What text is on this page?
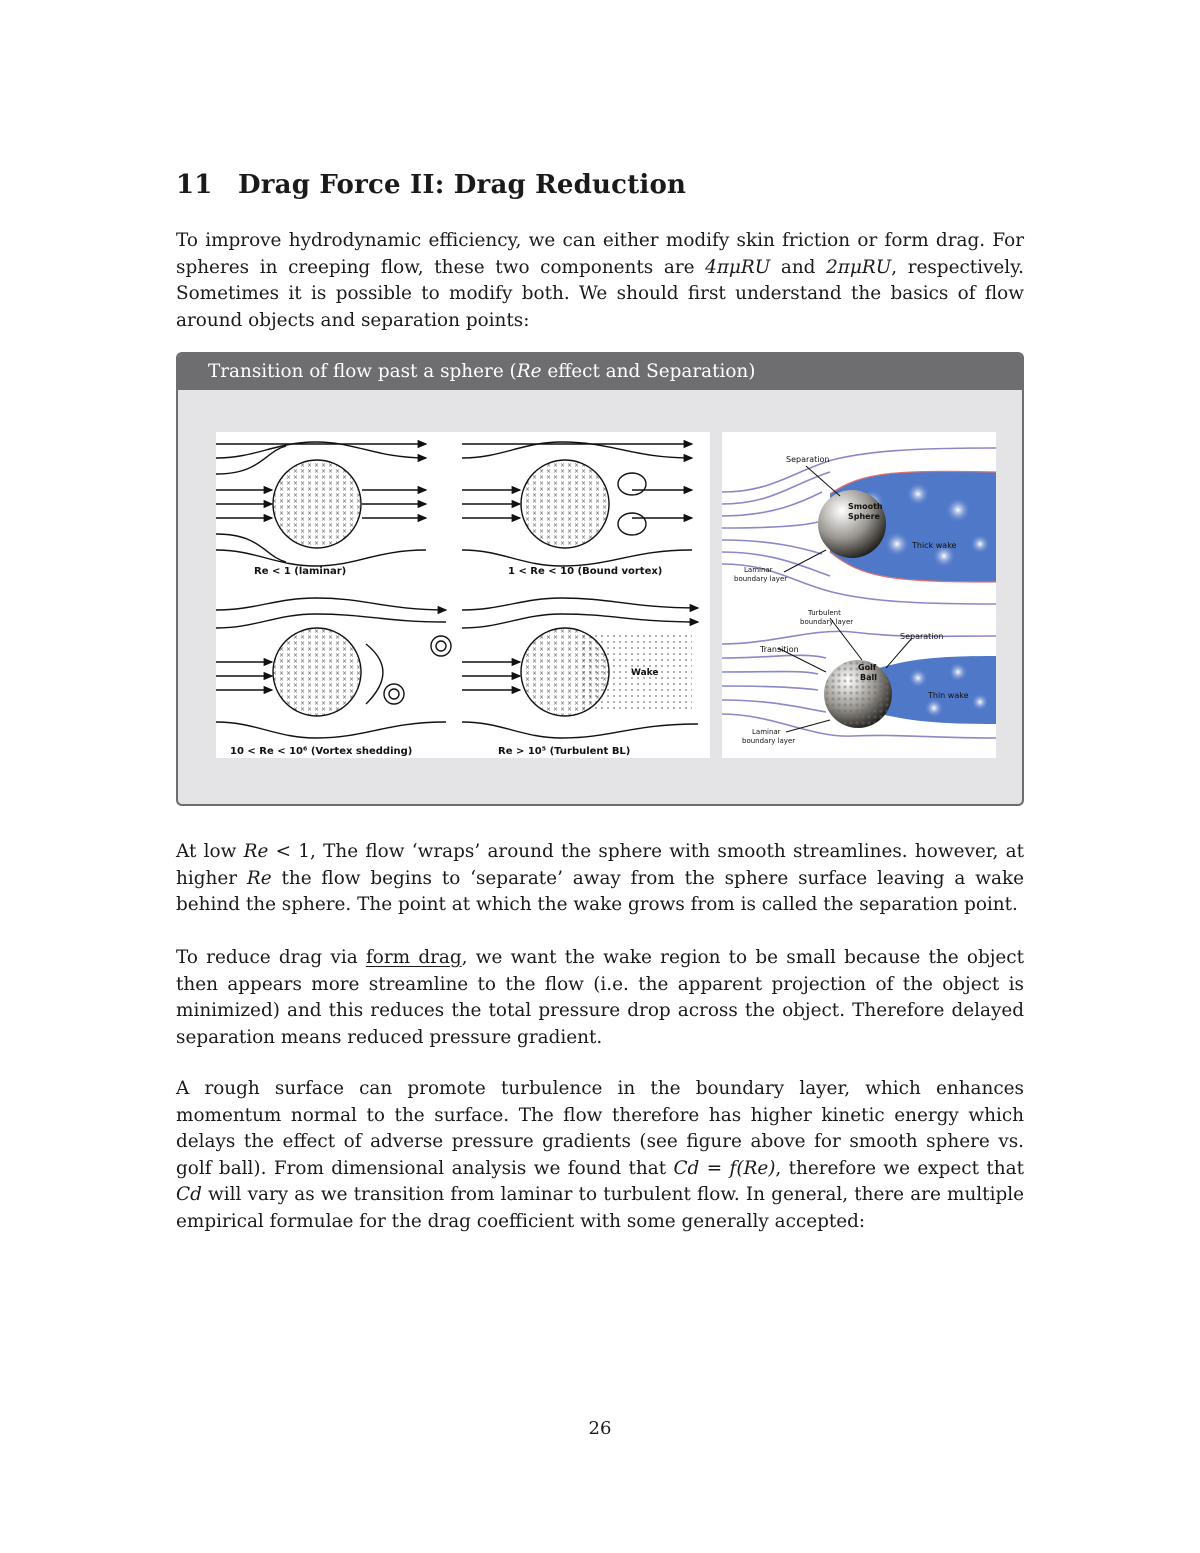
11 Drag Force II: Drag Reduction

To improve hydrodynamic efficiency, we can either modify skin friction or form drag. For spheres in creeping flow, these two components are 4πμRU and 2πμRU, respectively. Sometimes it is possible to modify both. We should first understand the basics of flow around objects and separation points:

Transition of flow past a sphere (Re effect and Separation)
Re < 1 (laminar)	1 < Re < 10 (Bound vortex)
10 < Re < 10⁶ (Vortex shedding)
Wake
Re > 10⁵ (Turbulent BL)
Separation
Smooth
Sphere
Thick wake
Laminar
boundary layer
Turbulent
boundary layer
Separation
Transition
Golf
Ball
Thin wake
Laminar
boundary layer

At low Re < 1, The flow ‘wraps’ around the sphere with smooth streamlines. however, at higher Re the flow begins to ‘separate’ away from the sphere surface leaving a wake behind the sphere. The point at which the wake grows from is called the separation point.

To reduce drag via form drag, we want the wake region to be small because the object then appears more streamline to the flow (i.e. the apparent projection of the object is minimized) and this reduces the total pressure drop across the object. Therefore delayed separation means reduced pressure gradient.

A rough surface can promote turbulence in the boundary layer, which enhances momentum normal to the surface. The flow therefore has higher kinetic energy which delays the effect of adverse pressure gradients (see figure above for smooth sphere vs. golf ball). From dimensional analysis we found that Cd = f(Re), therefore we expect that Cd will vary as we transition from laminar to turbulent flow. In general, there are multiple empirical formulae for the drag coefficient with some generally accepted:

26
